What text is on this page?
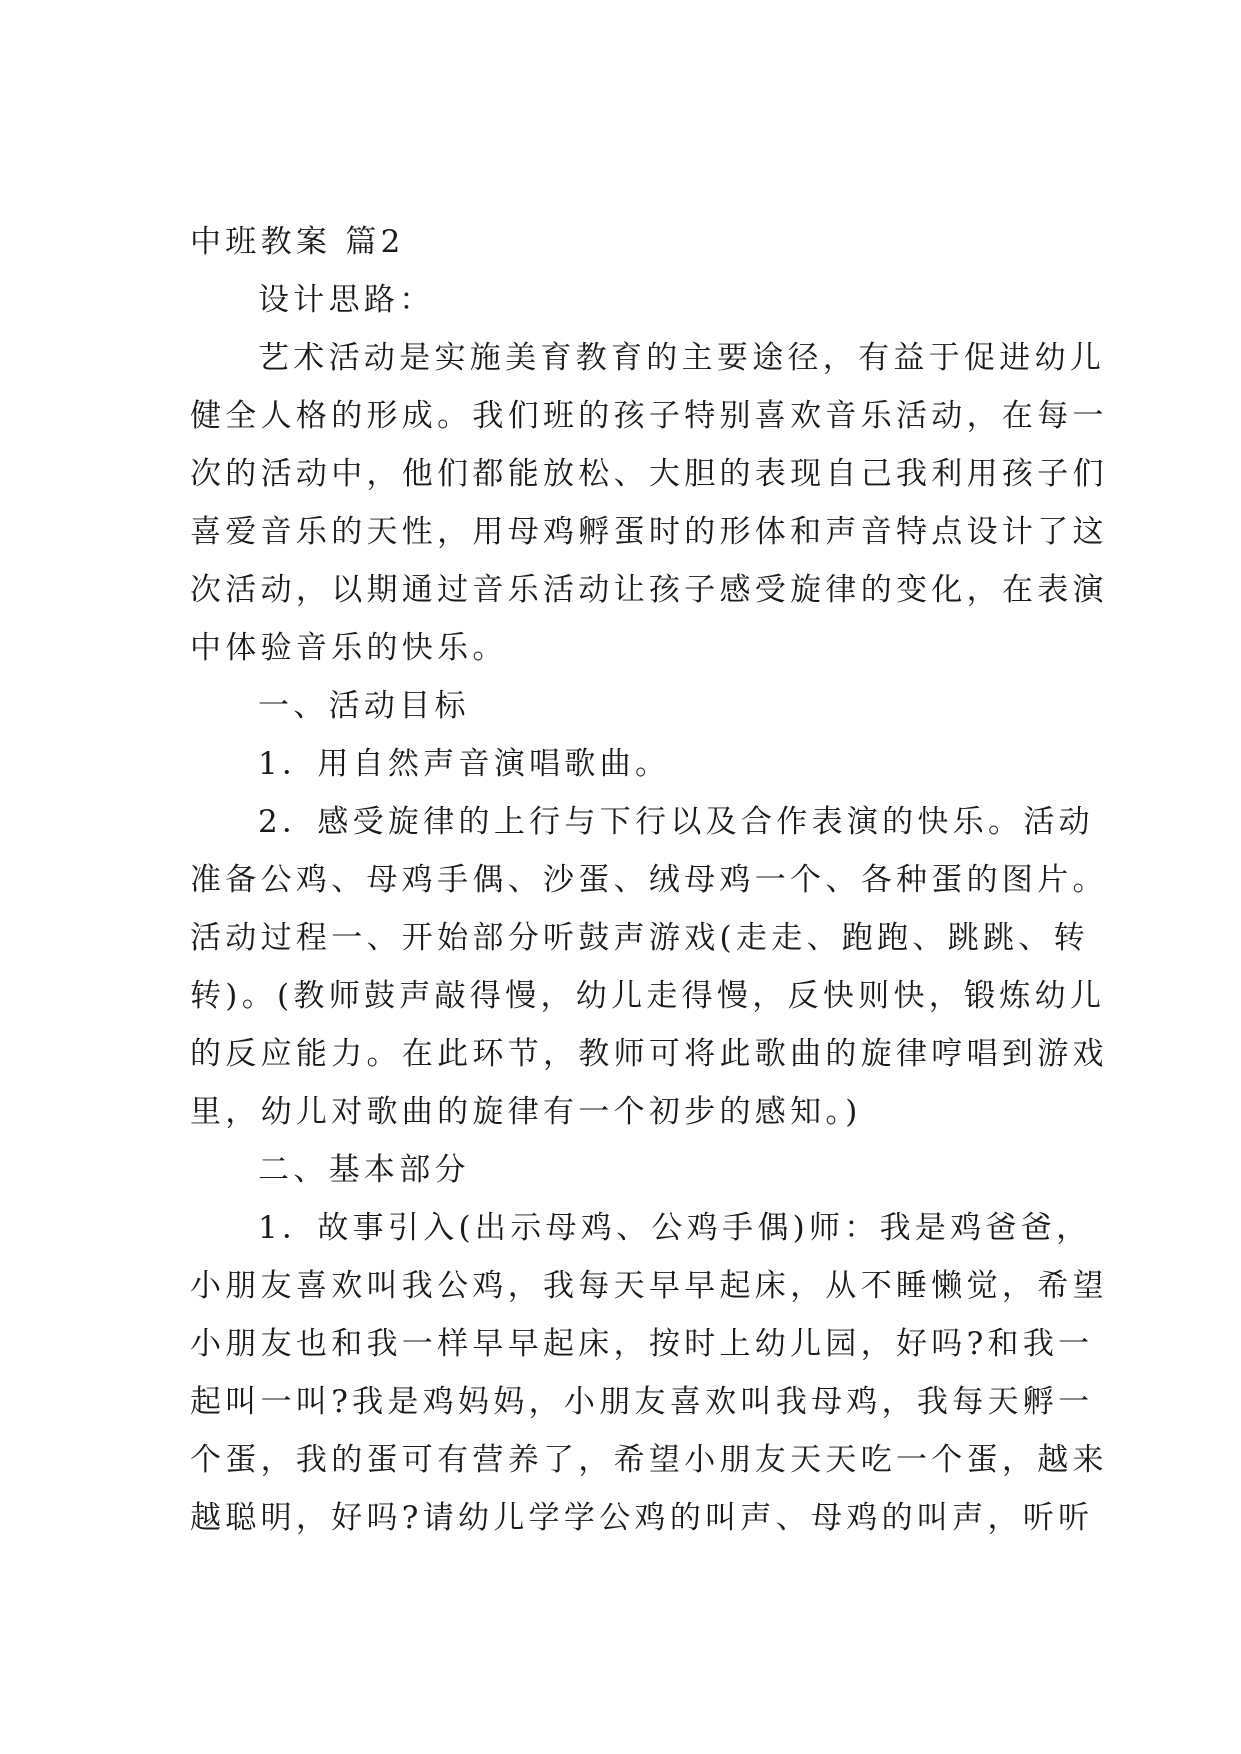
中班教案 篇2

设计思路：

艺术活动是实施美育教育的主要途径，有益于促进幼儿

健全人格的形成。我们班的孩子特别喜欢音乐活动，在每一

次的活动中，他们都能放松、大胆的表现自己我利用孩子们

喜爱音乐的天性，用母鸡孵蛋时的形体和声音特点设计了这

次活动，以期通过音乐活动让孩子感受旋律的变化，在表演

中体验音乐的快乐。

一、活动目标

1．用自然声音演唱歌曲。

2．感受旋律的上行与下行以及合作表演的快乐。活动

准备公鸡、母鸡手偶、沙蛋、绒母鸡一个、各种蛋的图片。

活动过程一、开始部分听鼓声游戏(走走、跑跑、跳跳、转

转)。(教师鼓声敲得慢，幼儿走得慢，反快则快，锻炼幼儿

的反应能力。在此环节，教师可将此歌曲的旋律哼唱到游戏

里，幼儿对歌曲的旋律有一个初步的感知。)

二、基本部分

1．故事引入(出示母鸡、公鸡手偶)师：我是鸡爸爸，

小朋友喜欢叫我公鸡，我每天早早起床，从不睡懒觉，希望

小朋友也和我一样早早起床，按时上幼儿园，好吗?和我一

起叫一叫?我是鸡妈妈，小朋友喜欢叫我母鸡，我每天孵一

个蛋，我的蛋可有营养了，希望小朋友天天吃一个蛋，越来

越聪明，好吗?请幼儿学学公鸡的叫声、母鸡的叫声，听听
